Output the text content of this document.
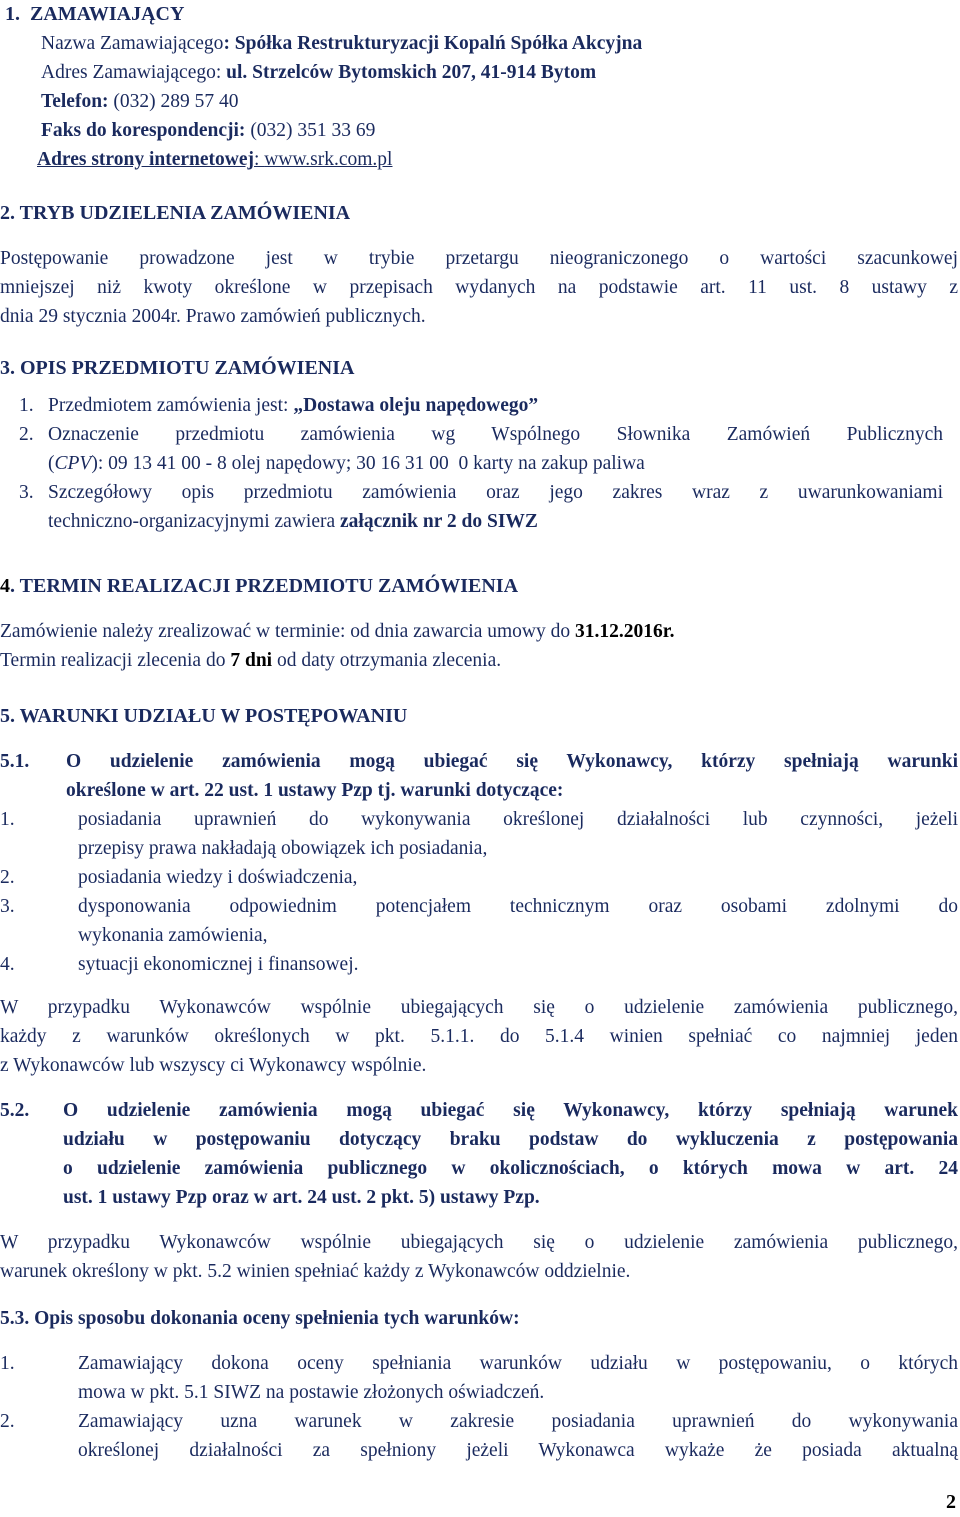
1.  ZAMAWIAJĄCY
Nazwa Zamawiającego: Spółka Restrukturyzacji Kopalń Spółka Akcyjna
Adres Zamawiającego: ul. Strzelców Bytomskich 207, 41-914 Bytom
Telefon: (032) 289 57 40
Faks do korespondencji: (032) 351 33 69
Adres strony internetowej: www.srk.com.pl
2. TRYB UDZIELENIA ZAMÓWIENIA
Postępowanie prowadzone jest w trybie przetargu nieograniczonego o wartości szacunkowej
mniejszej niż kwoty określone w przepisach wydanych na podstawie art. 11 ust. 8 ustawy z
dnia 29 stycznia 2004r. Prawo zamówień publicznych.
3. OPIS PRZEDMIOTU ZAMÓWIENIA
1. Przedmiotem zamówienia jest: „Dostawa oleju napędowego”
2. Oznaczenie przedmiotu zamówienia wg Wspólnego Słownika Zamówień Publicznych
(CPV): 09 13 41 00 - 8 olej napędowy; 30 16 31 00  0 karty na zakup paliwa
3. Szczegółowy opis przedmiotu zamówienia oraz jego zakres wraz z uwarunkowaniami
techniczno-organizacyjnymi zawiera załącznik nr 2 do SIWZ
4. TERMIN REALIZACJI PRZEDMIOTU ZAMÓWIENIA
Zamówienie należy zrealizować w terminie: od dnia zawarcia umowy do 31.12.2016r.
Termin realizacji zlecenia do 7 dni od daty otrzymania zlecenia.
5. WARUNKI UDZIAŁU W POSTĘPOWANIU
5.1.	O udzielenie zamówienia mogą ubiegać się Wykonawcy, którzy spełniają warunki
określone w art. 22 ust. 1 ustawy Pzp tj. warunki dotyczące:
1.	posiadania uprawnień do wykonywania określonej działalności lub czynności, jeżeli
przepisy prawa nakładają obowiązek ich posiadania,
2.	posiadania wiedzy i doświadczenia,
3.	dysponowania odpowiednim potencjałem technicznym oraz osobami zdolnymi do
wykonania zamówienia,
4.	sytuacji ekonomicznej i finansowej.
W przypadku Wykonawców wspólnie ubiegających się o udzielenie zamówienia publicznego,
każdy z warunków określonych w pkt. 5.1.1. do 5.1.4 winien spełniać co najmniej jeden
z Wykonawców lub wszyscy ci Wykonawcy wspólnie.
5.2.	O udzielenie zamówienia mogą ubiegać się Wykonawcy, którzy spełniają warunek
udziału w postępowaniu dotyczący braku podstaw do wykluczenia z postępowania
o udzielenie zamówienia publicznego w okolicznościach, o których mowa w art. 24
ust. 1 ustawy Pzp oraz w art. 24 ust. 2 pkt. 5) ustawy Pzp.
W przypadku Wykonawców wspólnie ubiegających się o udzielenie zamówienia publicznego,
warunek określony w pkt. 5.2 winien spełniać każdy z Wykonawców oddzielnie.
5.3. Opis sposobu dokonania oceny spełnienia tych warunków:
1.	Zamawiający dokona oceny spełniania warunków udziału w postępowaniu, o których
mowa w pkt. 5.1 SIWZ na postawie złożonych oświadczeń.
2.	Zamawiający uzna warunek w zakresie posiadania uprawnień do wykonywania
określonej działalności za spełniony jeżeli Wykonawca wykaże że posiada aktualną
2
